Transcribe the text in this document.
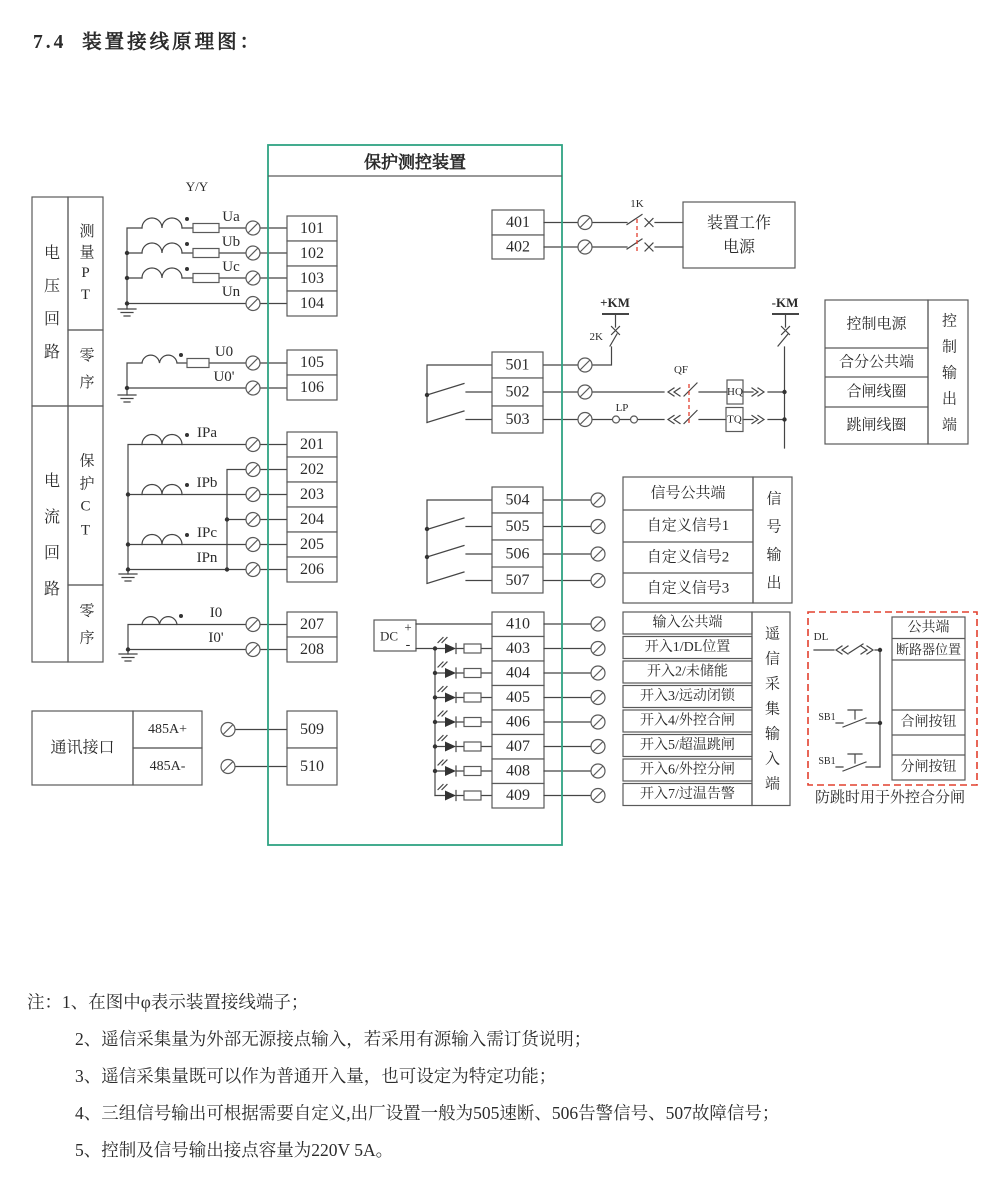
7.4  装置接线原理图：
电压回路 测量PT
零序
电流回路 保护CT
零序
通讯接口
485A+
485A-
Y/Y
Ua
Ub
Uc
Un
U0
U0'
IPa
IPb
IPc
IPn
I0
I0'
101
102
103
104
105
106
201
202
203
204
205
206
207
208
509
510
401
402
1K
装置工作
电源
501
502
503
+KM
2K
HQ
QF
LP
TQ
-KM
控制电源
合分公共端
合闸线圈
跳闸线圈 控制输出端
504
505
506
507
信号公共端
自定义信号1
自定义信号2
自定义信号3 信号输出
DC
+
-
410
403
404
405
406
407
408
409
输入公共端
开入1/DL位置
开入2/未储能
开入3/远动闭锁
开入4/外控合闸
开入5/超温跳闸
开入6/外控分闸
开入7/过温告警 遥信采集输入端	公共端
断路器位置
合闸按钮
分闸按钮
DL
SB1
SB1
防跳时用于外控合分闸
保护测控装置
注：1、在图中φ表示装置接线端子；
2、遥信采集量为外部无源接点输入，若采用有源输入需订货说明；
3、遥信采集量既可以作为普通开入量，也可设定为特定功能；
4、三组信号输出可根据需要自定义,出厂设置一般为505速断、506告警信号、507故障信号；
5、控制及信号输出接点容量为220V 5A。
